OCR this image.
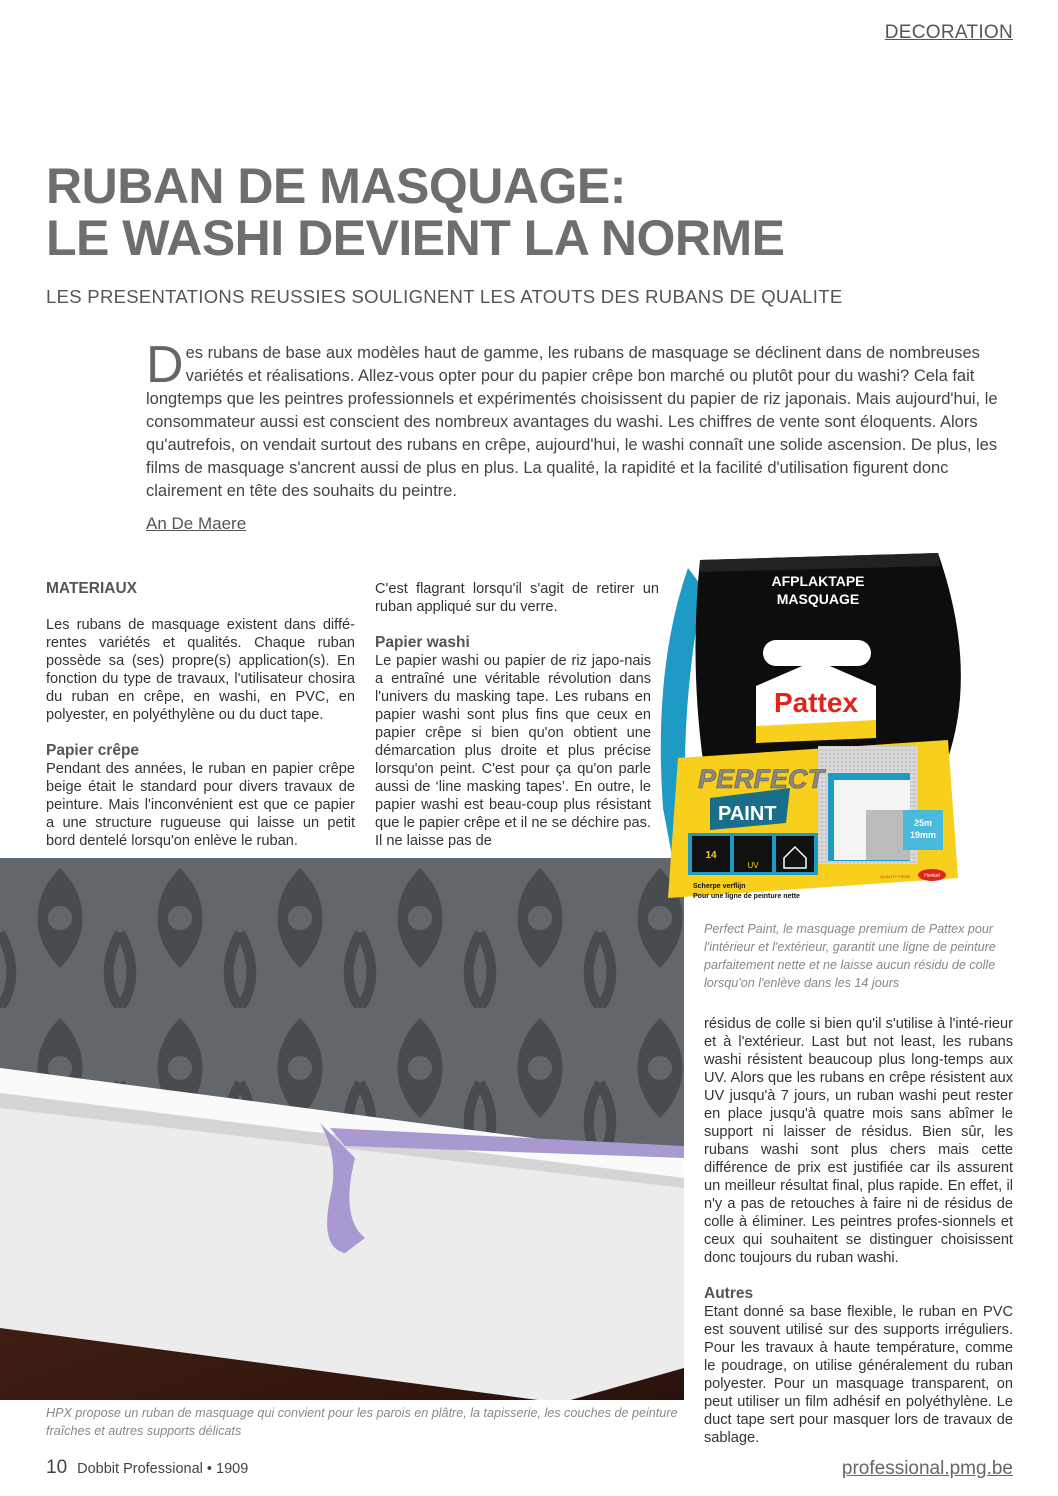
DECORATION
RUBAN DE MASQUAGE:
LE WASHI DEVIENT LA NORME
LES PRESENTATIONS REUSSIES SOULIGNENT LES ATOUTS DES RUBANS DE QUALITE

Des rubans de base aux modèles haut de gamme, les rubans de masquage se déclinent dans de nombreuses variétés et réalisations. Allez-vous opter pour du papier crêpe bon marché ou plutôt pour du washi? Cela fait longtemps que les peintres professionnels et expérimentés choisissent du papier de riz japonais. Mais aujourd'hui, le consommateur aussi est conscient des nombreux avantages du washi. Les chiffres de vente sont éloquents. Alors qu'autrefois, on vendait surtout des rubans en crêpe, aujourd'hui, le washi connaît une solide ascension. De plus, les films de masquage s'ancrent aussi de plus en plus. La qualité, la rapidité et la facilité d'utilisation figurent donc clairement en tête des souhaits du peintre.

An De Maere
MATERIAUX

Les rubans de masquage existent dans diffé-rentes variétés et qualités. Chaque ruban possède sa (ses) propre(s) application(s). En fonction du type de travaux, l'utilisateur chosira du ruban en crêpe, en washi, en PVC, en polyester, en polyéthylène ou du duct tape.

Papier crêpe

Pendant des années, le ruban en papier crêpe beige était le standard pour divers travaux de peinture. Mais l'inconvénient est que ce papier a une structure rugueuse qui laisse un petit bord dentelé lorsqu'on enlève le ruban.

C'est flagrant lorsqu'il s'agit de retirer un ruban appliqué sur du verre.

Papier washi

Le papier washi ou papier de riz japo-nais a entraîné une véritable révolution dans l'univers du masking tape. Les rubans en papier washi sont plus fins que ceux en papier crêpe si bien qu'on obtient une démarcation plus droite et plus précise lorsqu'on peint. C'est pour ça qu'on parle aussi de ‘line masking tapes’. En outre, le papier washi est beau-coup plus résistant que le papier crêpe et il ne se déchire pas. Il ne laisse pas de

AFPLAKTAPE
MASQUAGE
Pattex
25m
19mm
PERFECT
PAINT
14
UV
QUALITY FROM	Henkel
Scherpe verflijn
Pour une ligne de peinture nette
Perfect Paint, le masquage premium de Pattex pour l'intérieur et l'extérieur, garantit une ligne de peinture parfaitement nette et ne laisse aucun résidu de colle lorsqu'on l'enlève dans les 14 jours

résidus de colle si bien qu'il s'utilise à l'inté-rieur et à l'extérieur. Last but not least, les rubans washi résistent beaucoup plus long-temps aux UV. Alors que les rubans en crêpe résistent aux UV jusqu'à 7 jours, un ruban washi peut rester en place jusqu'à quatre mois sans abîmer le support ni laisser de résidus. Bien sûr, les rubans washi sont plus chers mais cette différence de prix est justifiée car ils assurent un meilleur résultat final, plus rapide. En effet, il n'y a pas de retouches à faire ni de résidus de colle à éliminer. Les peintres profes-sionnels et ceux qui souhaitent se distinguer choisissent donc toujours du ruban washi.

Autres

Etant donné sa base flexible, le ruban en PVC est souvent utilisé sur des supports irréguliers. Pour les travaux à haute température, comme le poudrage, on utilise généralement du ruban polyester. Pour un masquage transparent, on peut utiliser un film adhésif en polyéthylène. Le duct tape sert pour masquer lors de travaux de sablage.

HPX propose un ruban de masquage qui convient pour les parois en plâtre, la tapisserie, les couches de peinture fraîches et autres supports délicats
10 Dobbit Professional • 1909	professional.pmg.be
